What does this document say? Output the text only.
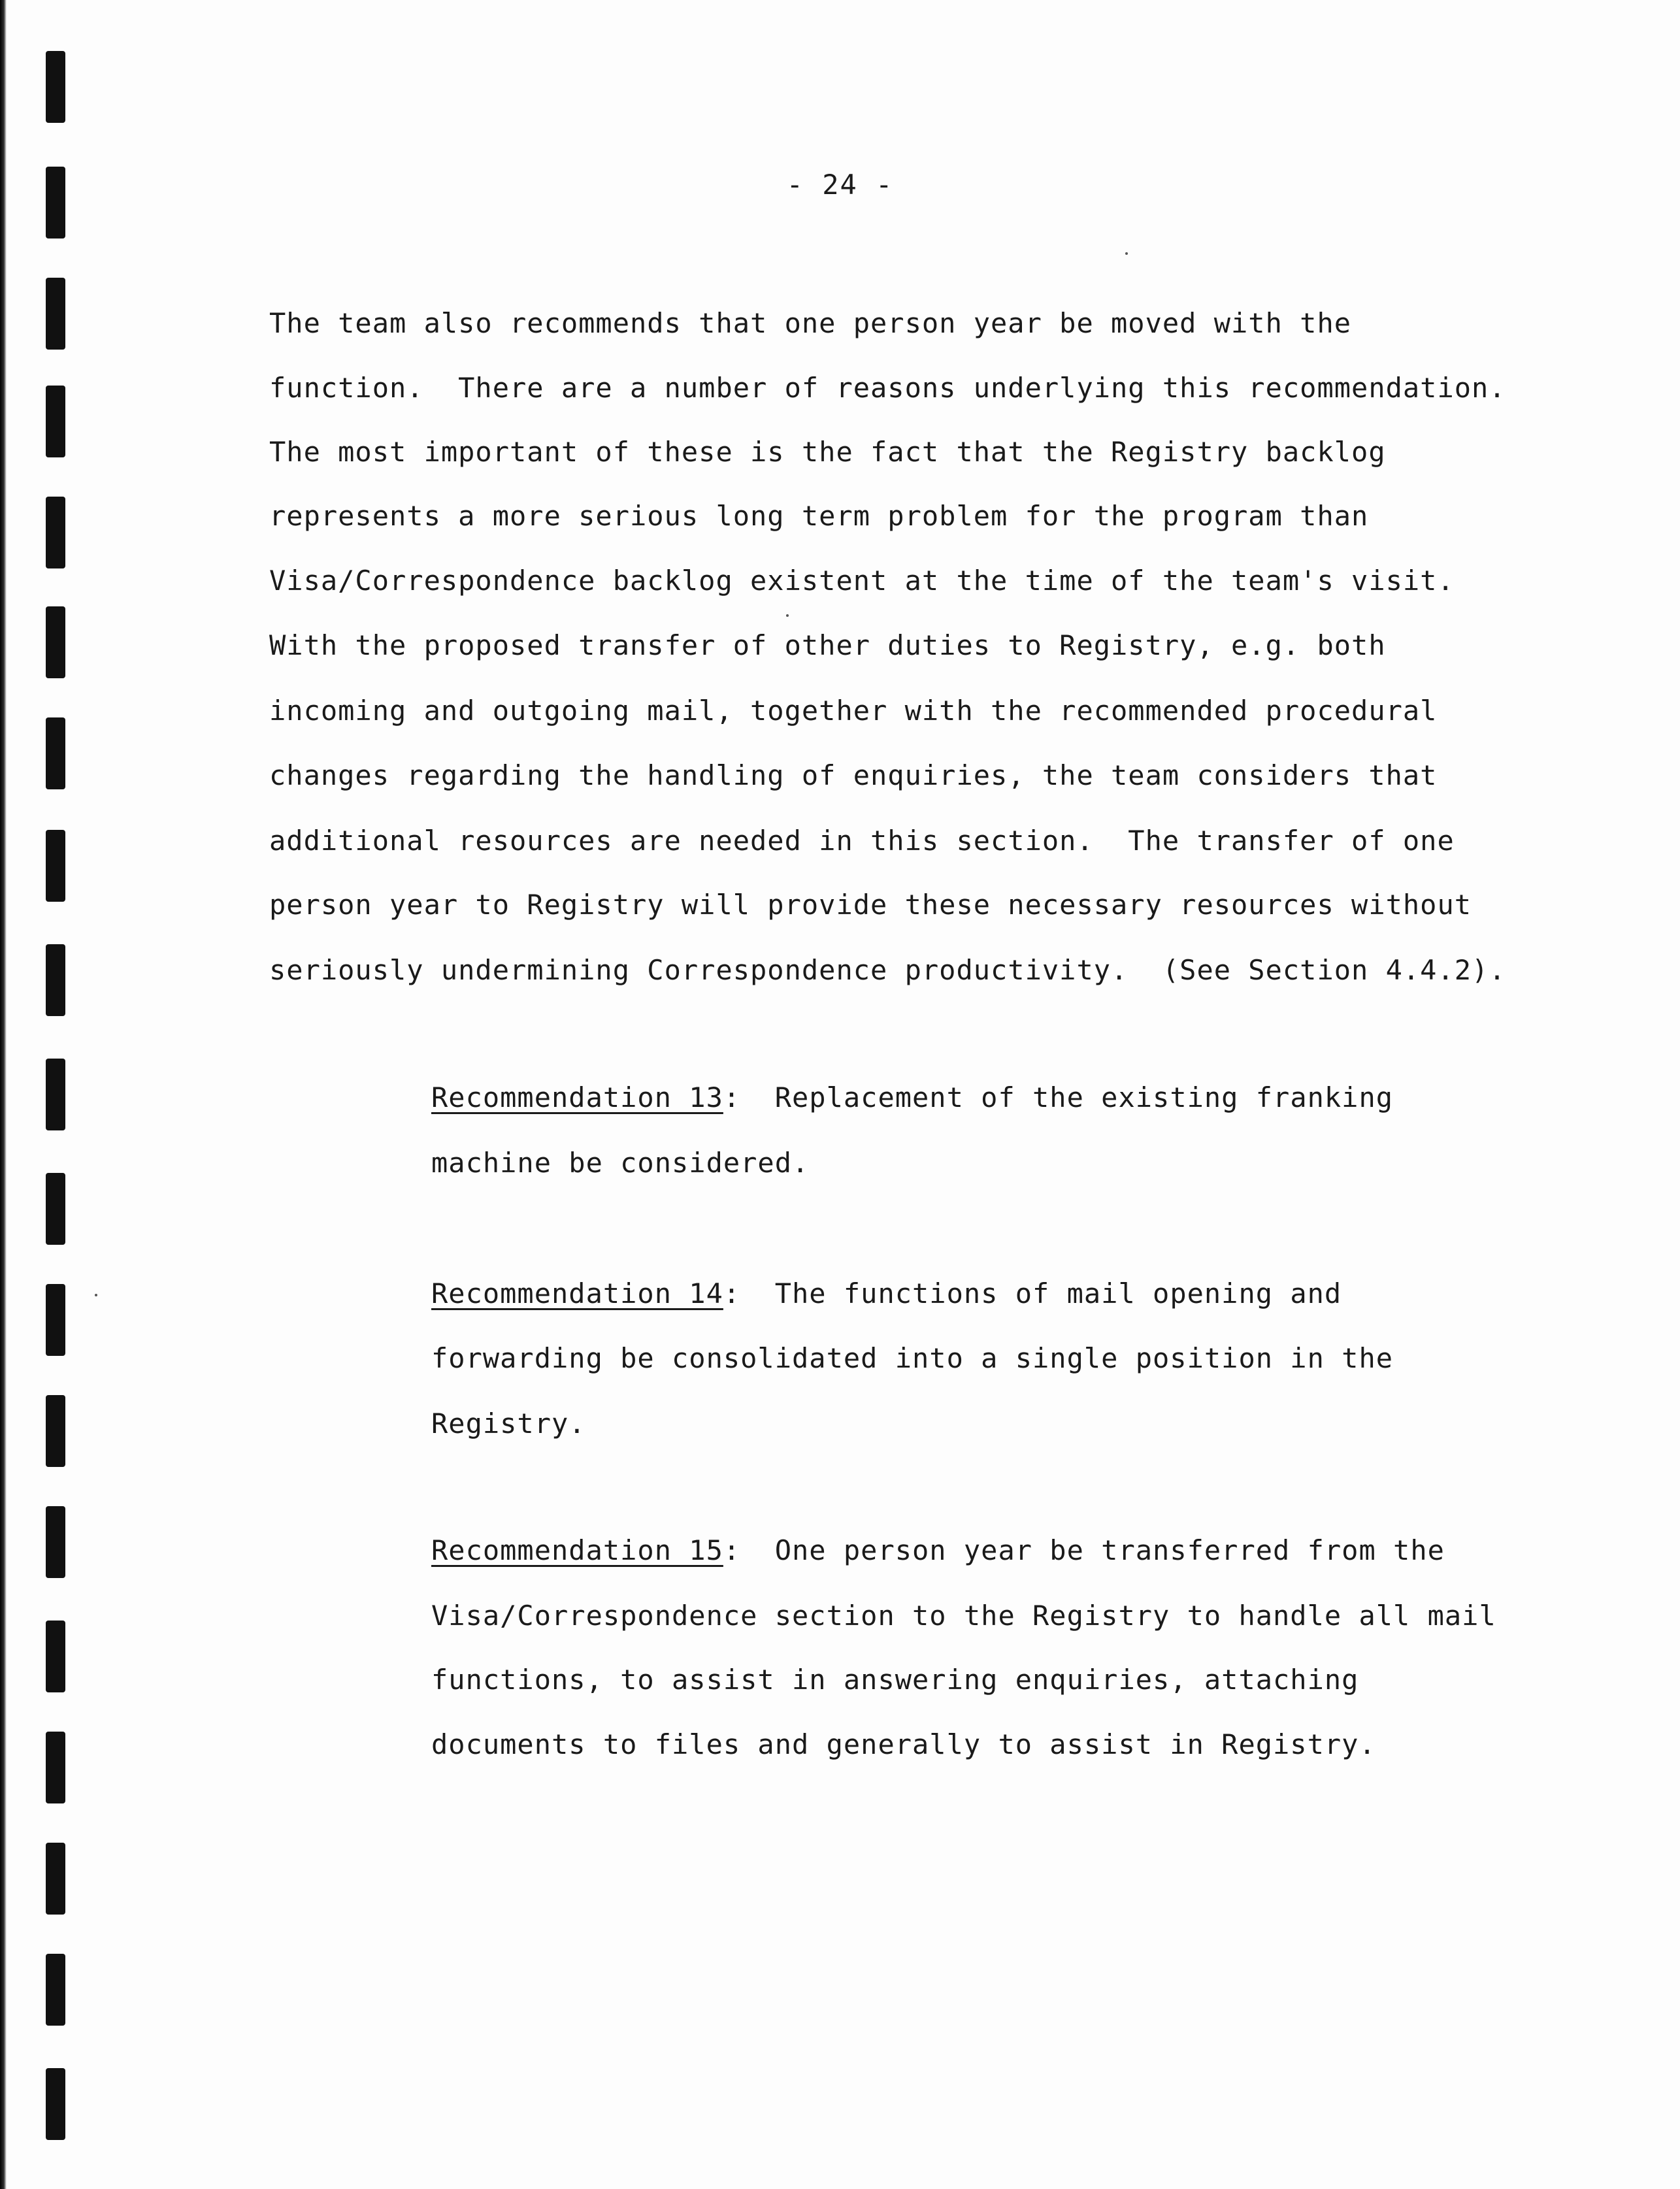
- 24 -
The team also recommends that one person year be moved with the
function.  There are a number of reasons underlying this recommendation.
The most important of these is the fact that the Registry backlog
represents a more serious long term problem for the program than
Visa/Correspondence backlog existent at the time of the team's visit.
With the proposed transfer of other duties to Registry, e.g. both
incoming and outgoing mail, together with the recommended procedural
changes regarding the handling of enquiries, the team considers that
additional resources are needed in this section.  The transfer of one
person year to Registry will provide these necessary resources without
seriously undermining Correspondence productivity.  (See Section 4.4.2).
Recommendation 13:  Replacement of the existing franking
machine be considered.
Recommendation 14:  The functions of mail opening and
forwarding be consolidated into a single position in the
Registry.
Recommendation 15:  One person year be transferred from the
Visa/Correspondence section to the Registry to handle all mail
functions, to assist in answering enquiries, attaching
documents to files and generally to assist in Registry.
